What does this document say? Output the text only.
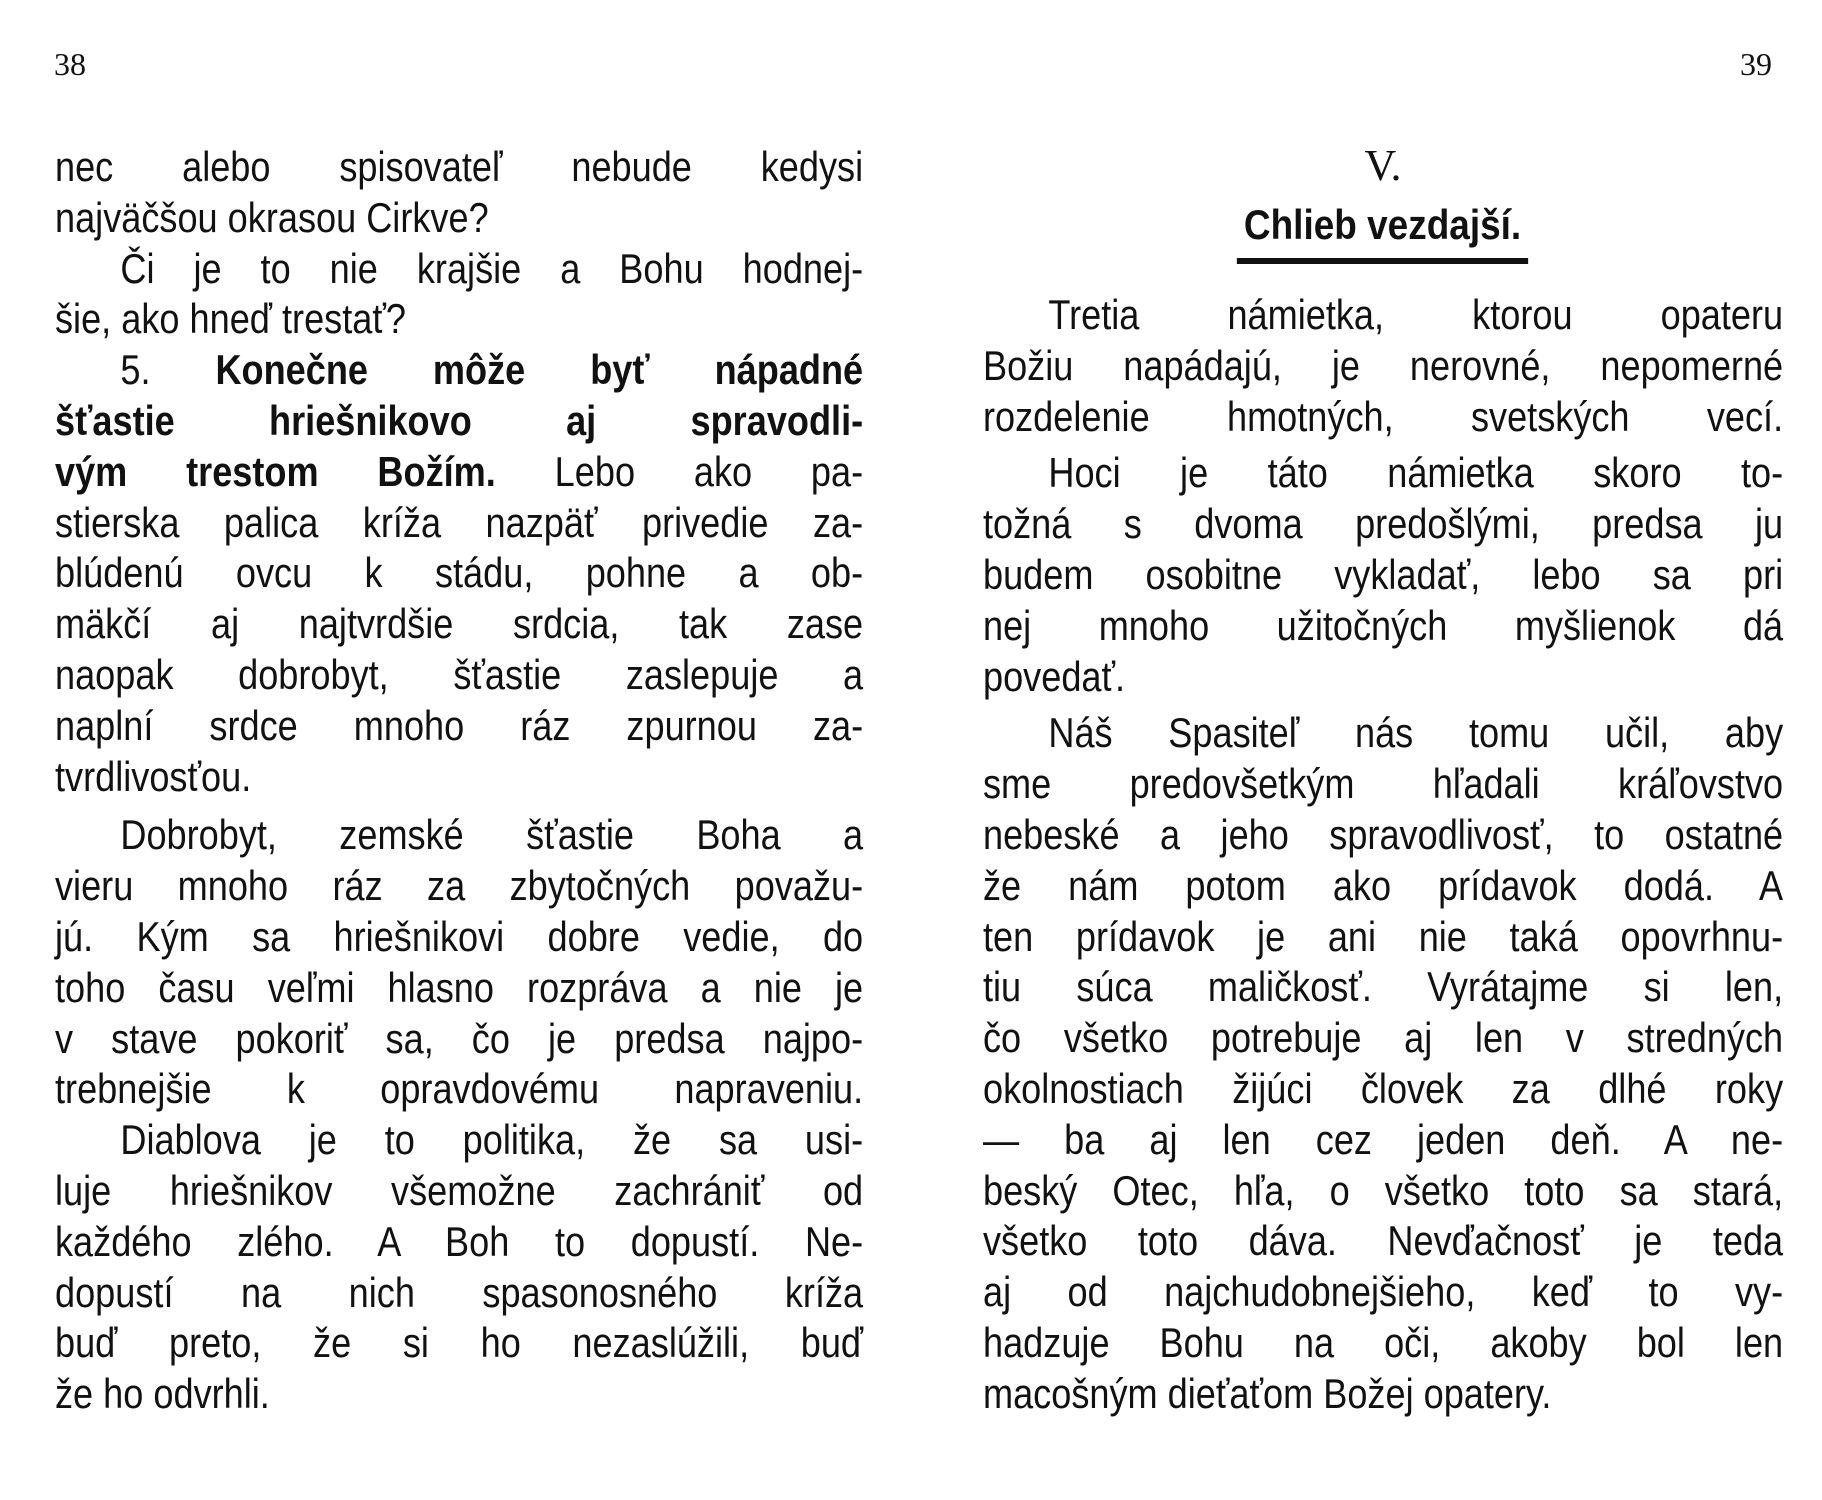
38	39
nec alebo spisovateľ nebude kedysi
najväčšou okrasou Cirkve?
Či je to nie krajšie a Bohu hodnej-
šie, ako hneď trestať?
5. Konečne môže byť nápadné
šťastie hriešnikovo aj spravodli-
vým trestom Božím. Lebo ako pa-
stierska palica kríža nazpäť privedie za-
blúdenú ovcu k stádu, pohne a ob-
mäkčí aj najtvrdšie srdcia, tak zase
naopak dobrobyt, šťastie zaslepuje a
naplní srdce mnoho ráz zpurnou za-
tvrdlivosťou.
Dobrobyt, zemské šťastie Boha a
vieru mnoho ráz za zbytočných považu-
jú. Kým sa hriešnikovi dobre vedie, do
toho času veľmi hlasno rozpráva a nie je
v stave pokoriť sa, čo je predsa najpo-
trebnejšie k opravdovému napraveniu.
Diablova je to politika, že sa usi-
luje hriešnikov všemožne zachrániť od
každého zlého. A Boh to dopustí. Ne-
dopustí na nich spasonosného kríža
buď preto, že si ho nezaslúžili, buď
že ho odvrhli.
V.
Chlieb vezdajší.
Tretia námietka, ktorou opateru
Božiu napádajú, je nerovné, nepomerné
rozdelenie hmotných, svetských vecí.
Hoci je táto námietka skoro to-
tožná s dvoma predošlými, predsa ju
budem osobitne vykladať, lebo sa pri
nej mnoho užitočných myšlienok dá
povedať.
Náš Spasiteľ nás tomu učil, aby
sme predovšetkým hľadali kráľovstvo
nebeské a jeho spravodlivosť, to ostatné
že nám potom ako prídavok dodá. A
ten prídavok je ani nie taká opovrhnu-
tiu súca maličkosť. Vyrátajme si len,
čo všetko potrebuje aj len v stredných
okolnostiach žijúci človek za dlhé roky
— ba aj len cez jeden deň. A ne-
beský Otec, hľa, o všetko toto sa stará,
všetko toto dáva. Nevďačnosť je teda
aj od najchudobnejšieho, keď to vy-
hadzuje Bohu na oči, akoby bol len
macošným dieťaťom Božej opatery.
